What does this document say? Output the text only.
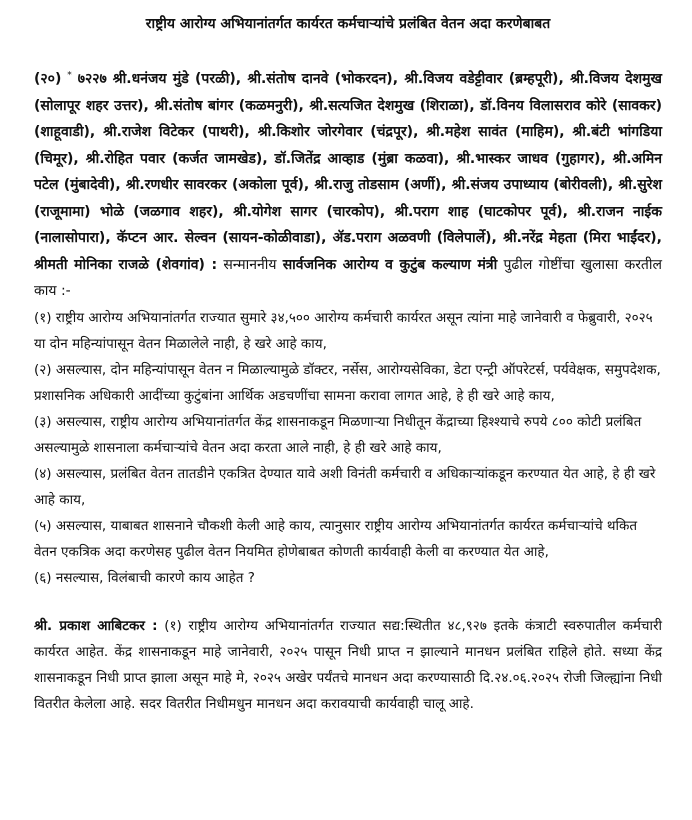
राष्ट्रीय आरोग्य अभियानांतर्गत कार्यरत कर्मचाऱ्यांचे प्रलंबित वेतन अदा करणेबाबत

(२०) * ७२२७ श्री.धनंजय मुंडे (परळी), श्री.संतोष दानवे (भोकरदन), श्री.विजय वडेट्टीवार (ब्रम्हपूरी), श्री.विजय देशमुख (सोलापूर शहर उत्तर), श्री.संतोष बांगर (कळमनुरी), श्री.सत्यजित देशमुख (शिराळा), डॉ.विनय विलासराव कोरे (सावकर) (शाहूवाडी), श्री.राजेश विटेकर (पाथरी), श्री.किशोर जोरगेवार (चंद्रपूर), श्री.महेश सावंत (माहिम), श्री.बंटी भांगडिया (चिमूर), श्री.रोहित पवार (कर्जत जामखेड), डॉ.जितेंद्र आव्हाड (मुंब्रा कळवा), श्री.भास्कर जाधव (गुहागर), श्री.अमिन पटेल (मुंबादेवी), श्री.रणधीर सावरकर (अकोला पूर्व), श्री.राजु तोडसाम (अर्णी), श्री.संजय उपाध्याय (बोरीवली), श्री.सुरेश (राजूमामा) भोळे (जळगाव शहर), श्री.योगेश सागर (चारकोप), श्री.पराग शाह (घाटकोपर पूर्व), श्री.राजन नाईक (नालासोपारा), कॅप्टन आर. सेल्वन (सायन-कोळीवाडा), ॲड.पराग अळवणी (विलेपार्ले), श्री.नरेंद्र मेहता (मिरा भाईंदर), श्रीमती मोनिका राजळे (शेवगांव) : सन्माननीय सार्वजनिक आरोग्य व कुटुंब कल्याण मंत्री पुढील गोष्टींचा खुलासा करतील काय :-

(१) राष्ट्रीय आरोग्य अभियानांतर्गत राज्यात सुमारे ३४,५०० आरोग्य कर्मचारी कार्यरत असून त्यांना माहे जानेवारी व फेब्रुवारी, २०२५ या दोन महिन्यांपासून वेतन मिळालेले नाही, हे खरे आहे काय,

(२) असल्यास, दोन महिन्यांपासून वेतन न मिळाल्यामुळे डॉक्टर, नर्सेस, आरोग्यसेविका, डेटा एन्ट्री ऑपरेटर्स, पर्यवेक्षक, समुपदेशक, प्रशासनिक अधिकारी आदींच्या कुटुंबांना आर्थिक अडचणींचा सामना करावा लागत आहे, हे ही खरे आहे काय,

(३) असल्यास, राष्ट्रीय आरोग्य अभियानांतर्गत केंद्र शासनाकडून मिळणाऱ्या निधीतून केंद्राच्या हिश्श्याचे रुपये ८०० कोटी प्रलंबित असल्यामुळे शासनाला कर्मचाऱ्यांचे वेतन अदा करता आले नाही, हे ही खरे आहे काय,

(४) असल्यास, प्रलंबित वेतन तातडीने एकत्रित देण्यात यावे अशी विनंती कर्मचारी व अधिकाऱ्यांकडून करण्यात येत आहे, हे ही खरे आहे काय,

(५) असल्यास, याबाबत शासनाने चौकशी केली आहे काय, त्यानुसार राष्ट्रीय आरोग्य अभियानांतर्गत कार्यरत कर्मचाऱ्यांचे थकित वेतन एकत्रिक अदा करणेसह पुढील वेतन नियमित होणेबाबत कोणती कार्यवाही केली वा करण्यात येत आहे,

(६) नसल्यास, विलंबाची कारणे काय आहेत ?

श्री. प्रकाश आबिटकर : (१) राष्ट्रीय आरोग्य अभियानांतर्गत राज्यात सद्य:स्थितीत ४८,९२७ इतके कंत्राटी स्वरुपातील कर्मचारी कार्यरत आहेत. केंद्र शासनाकडून माहे जानेवारी, २०२५ पासून निधी प्राप्त न झाल्याने मानधन प्रलंबित राहिले होते. सध्या केंद्र शासनाकडून निधी प्राप्त झाला असून माहे मे, २०२५ अखेर पर्यंतचे मानधन अदा करण्यासाठी दि.२४.०६.२०२५ रोजी जिल्ह्यांना निधी वितरीत केलेला आहे. सदर वितरीत निधीमधुन मानधन अदा करावयाची कार्यवाही चालू आहे.
